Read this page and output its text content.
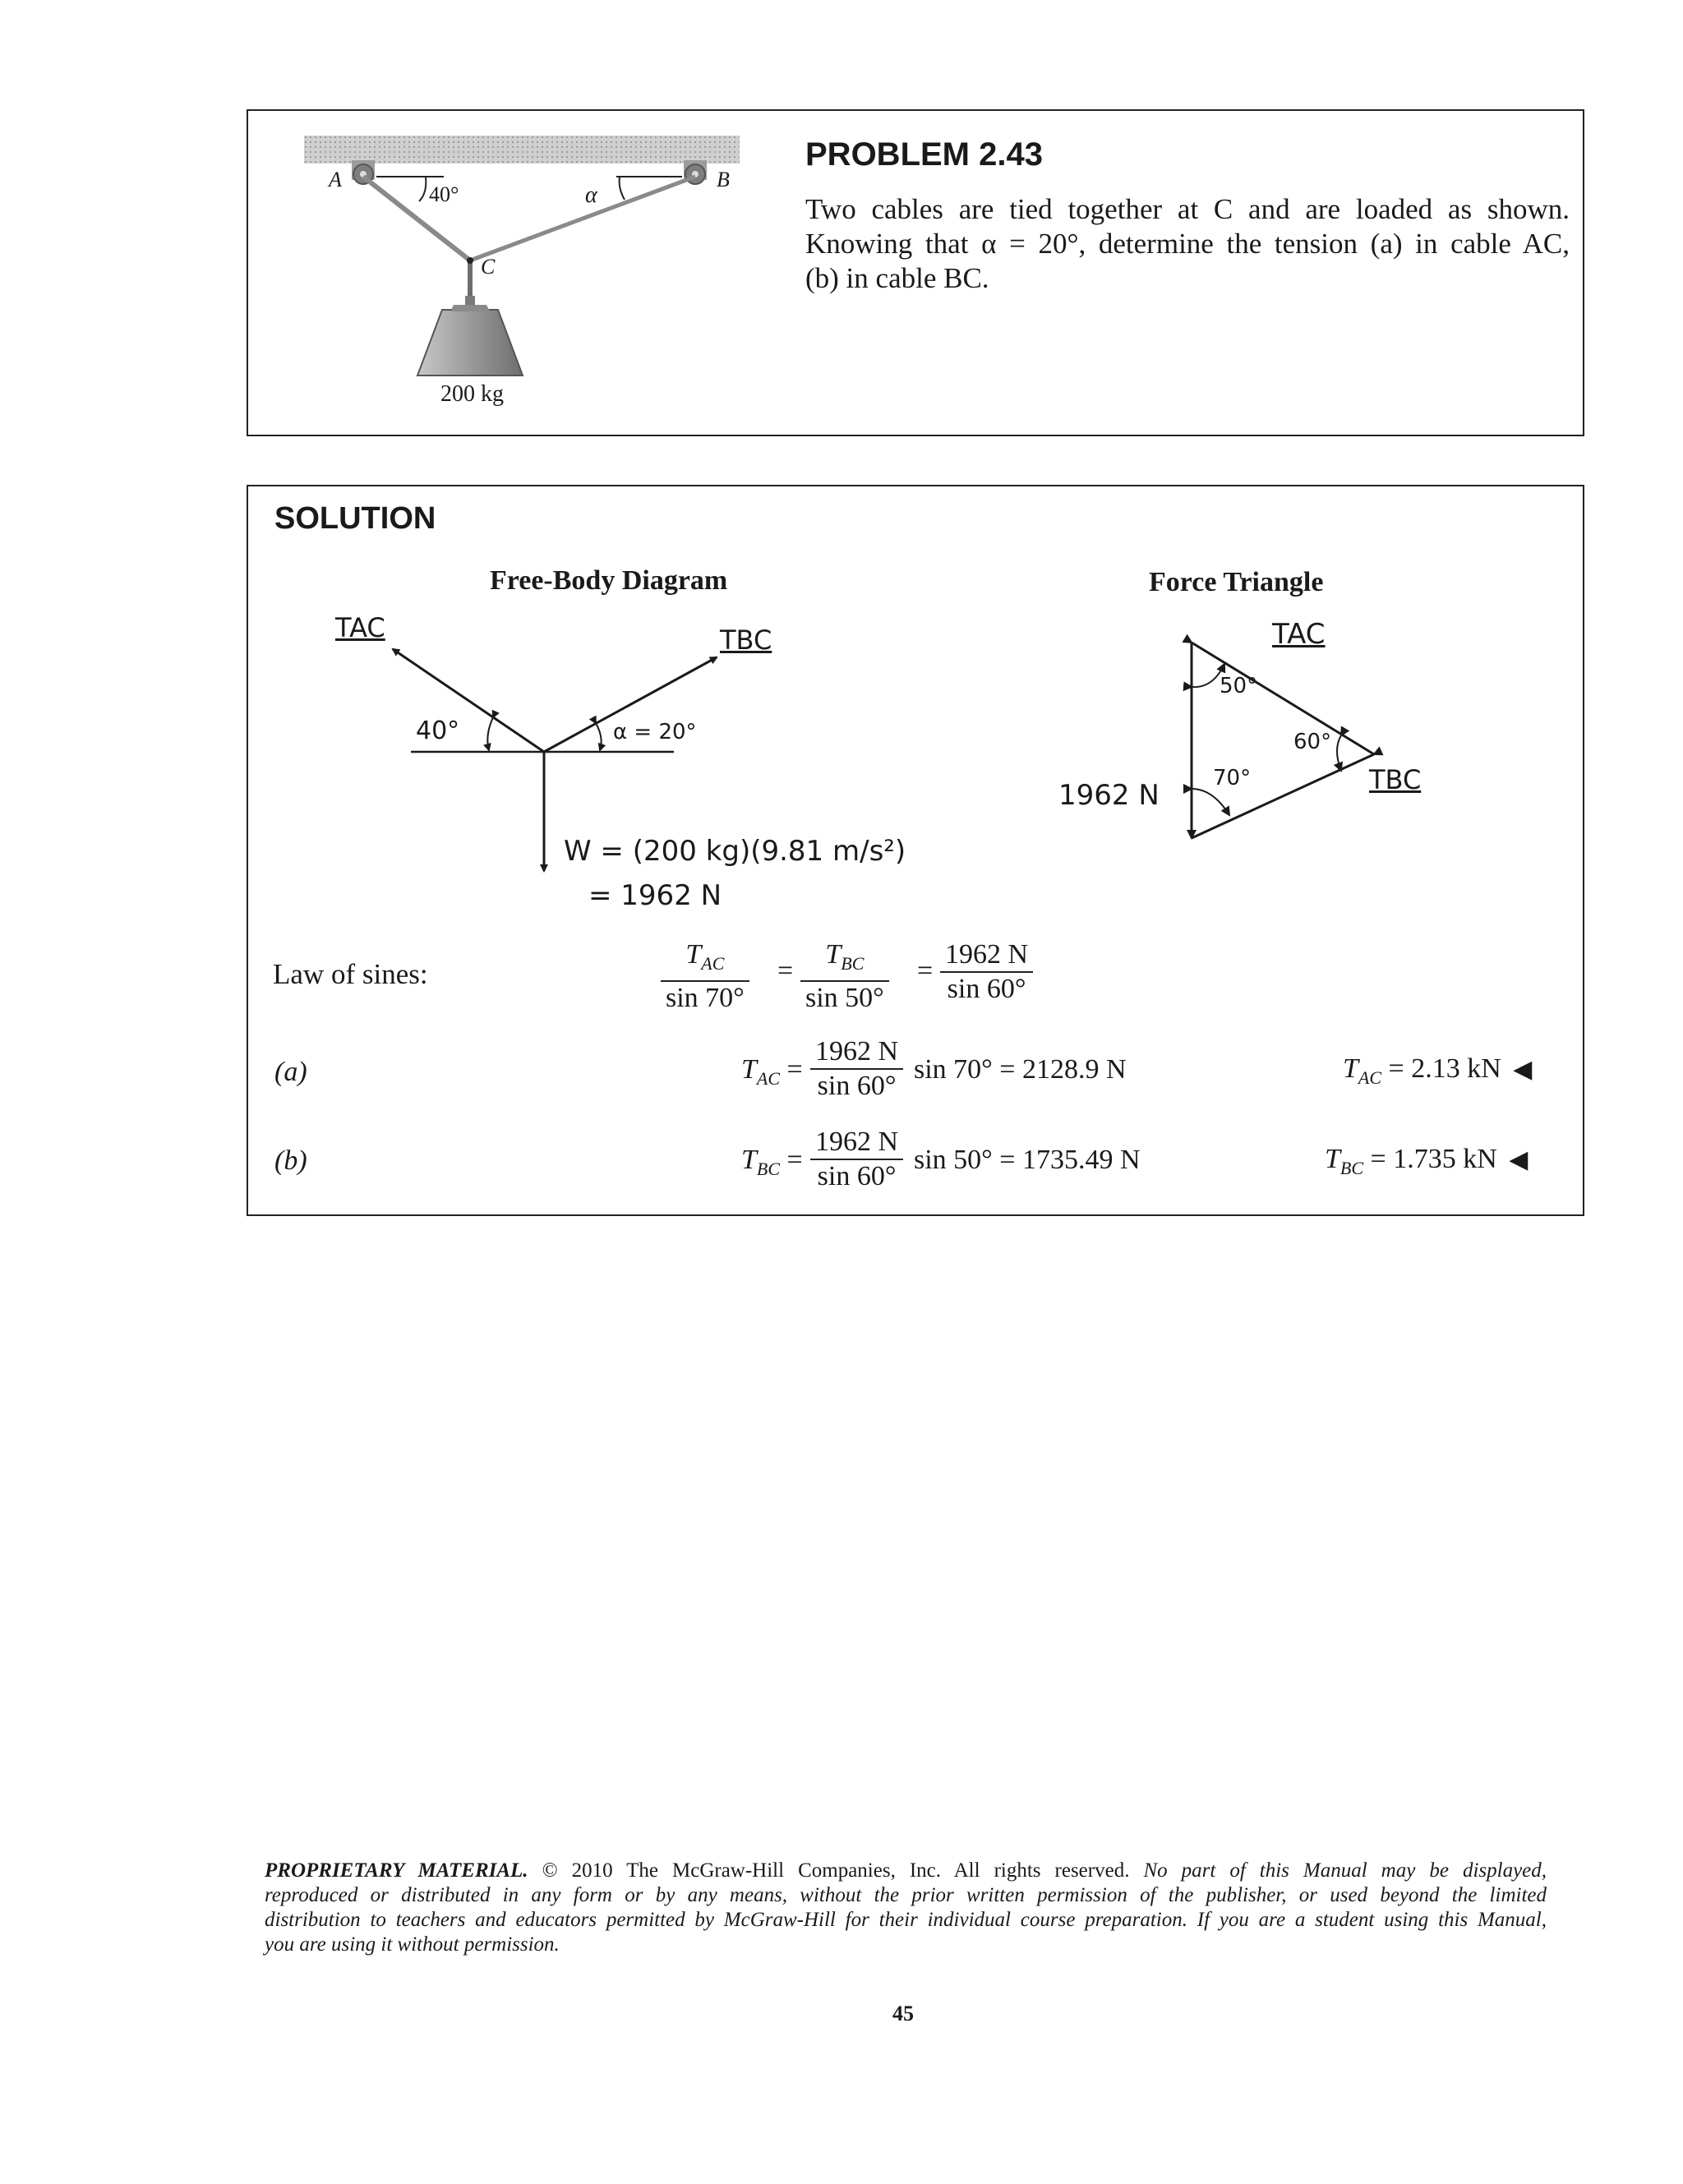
A	B
C
40°	α
200 kg
PROBLEM 2.43
Two cables are tied together at C and are loaded as shown.
Knowing that α = 20°, determine the tension (a) in cable AC,
(b) in cable BC.
SOLUTION
Free-Body Diagram	Force Triangle
TAC	TBC
40°	α = 20°
W = (200 kg)(9.81 m/s²)
= 1962 N
TAC
TBC
50°
60°
70°
1962 N
Law of sines:
$T_{AC}$
sin 70°
=
$T_{BC}$
sin 50°
= $\frac{1962 N}{\sin 60^\circ}$
(a)	$T_{AC} = \frac{1962 N}{\sin 60^\circ}$ sin 70° = 2128.9 N	$T_{AC} = 2.13$ kN ◀
(b)	$T_{BC} = \frac{1962 N}{\sin 60^\circ}$ sin 50° = 1735.49 N	$T_{BC} = 1.735$ kN ◀
PROPRIETARY MATERIAL. © 2010 The McGraw-Hill Companies, Inc. All rights reserved. No part of this Manual may be displayed,
reproduced or distributed in any form or by any means, without the prior written permission of the publisher, or used beyond the limited
distribution to teachers and educators permitted by McGraw-Hill for their individual course preparation. If you are a student using this Manual,
you are using it without permission.
45
